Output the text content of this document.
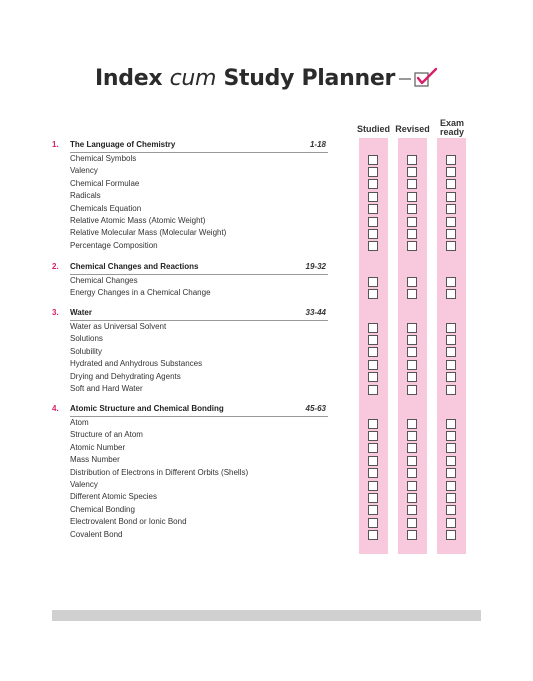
Index cum Study Planner
Studied Revised
Exam
ready
1. The Language of Chemistry	1-18
Chemical Symbols
Valency
Chemical Formulae
Radicals
Chemicals Equation
Relative Atomic Mass (Atomic Weight)
Relative Molecular Mass (Molecular Weight)
Percentage Composition
2. Chemical Changes and Reactions	19-32
Chemical Changes
Energy Changes in a Chemical Change
3. Water	33-44
Water as Universal Solvent
Solutions
Solubility
Hydrated and Anhydrous Substances
Drying and Dehydrating Agents
Soft and Hard Water
4. Atomic Structure and Chemical Bonding	45-63
Atom
Structure of an Atom
Atomic Number
Mass Number
Distribution of Electrons in Different Orbits (Shells)
Valency
Different Atomic Species
Chemical Bonding
Electrovalent Bond or Ionic Bond
Covalent Bond
